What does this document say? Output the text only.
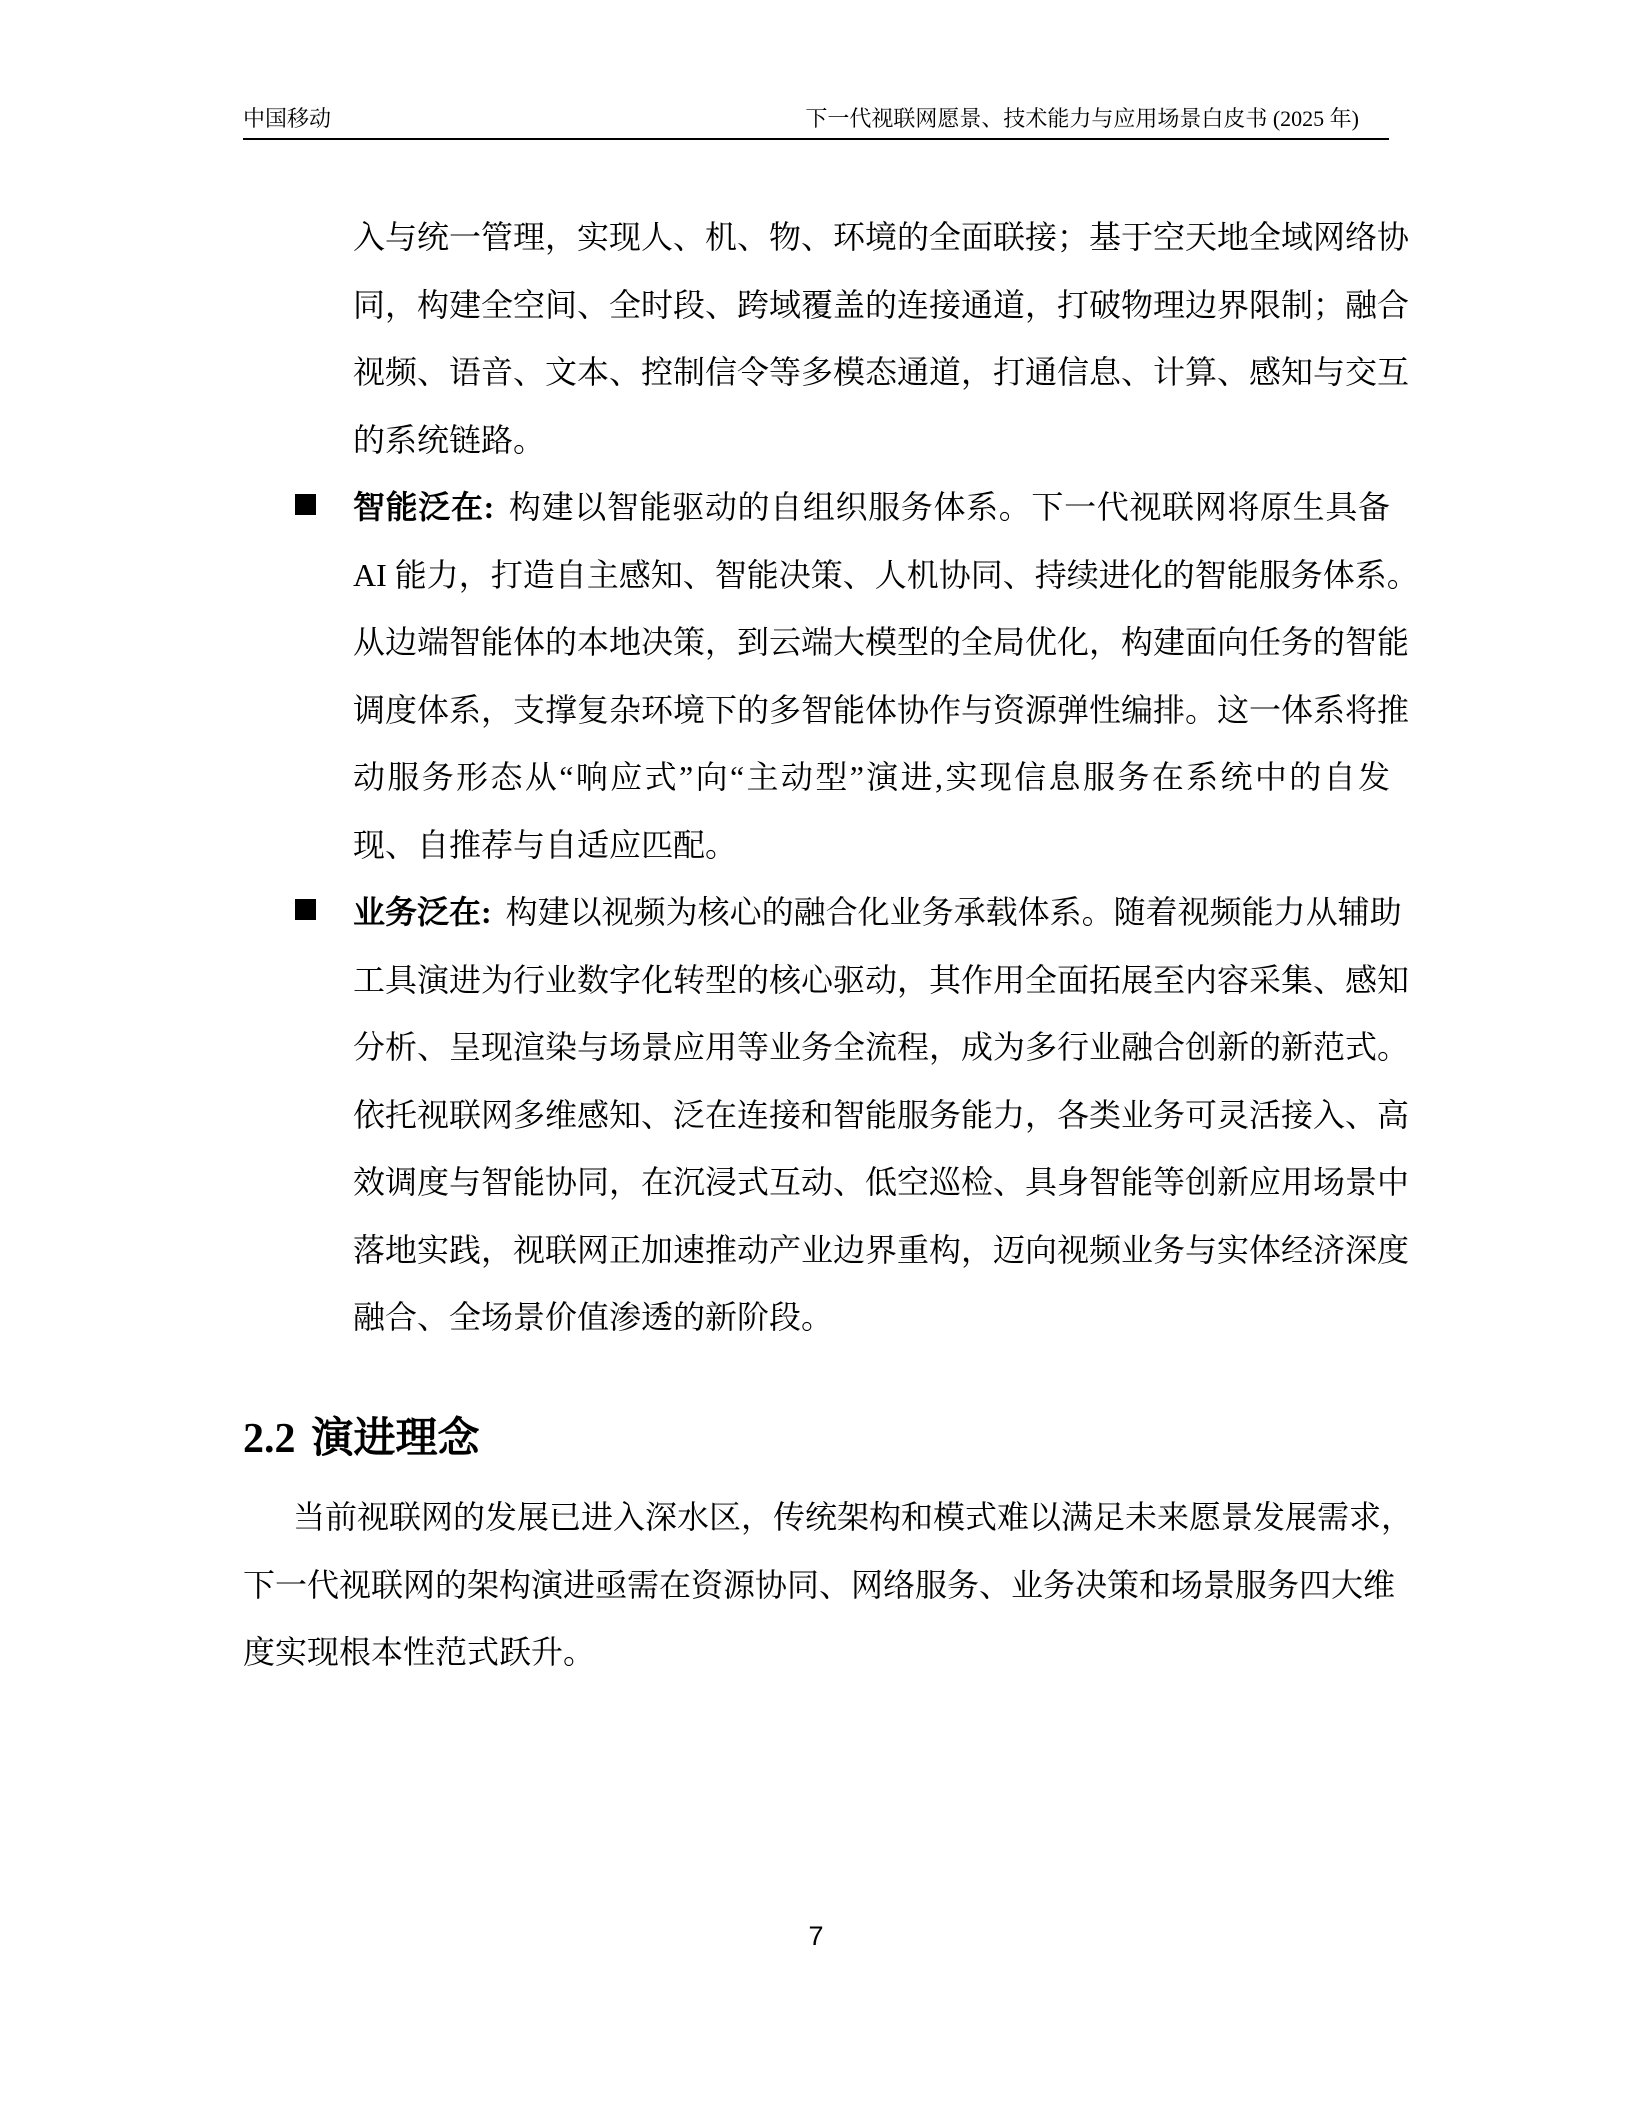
中国移动	下一代视联网愿景、技术能力与应用场景白皮书 (2025 年)
入与统一管理，实现人、机、物、环境的全面联接；基于空天地全域网络协
同，构建全空间、全时段、跨域覆盖的连接通道，打破物理边界限制；融合
视频、语音、文本、控制信令等多模态通道，打通信息、计算、感知与交互
的系统链路。
智能泛在: 构建以智能驱动的自组织服务体系。下一代视联网将原生具备
AI 能力，打造自主感知、智能决策、人机协同、持续进化的智能服务体系。
从边端智能体的本地决策，到云端大模型的全局优化，构建面向任务的智能
调度体系，支撑复杂环境下的多智能体协作与资源弹性编排。这一体系将推
动服务形态从“响应式”向“主动型”演进,实现信息服务在系统中的自发
现、自推荐与自适应匹配。
业务泛在: 构建以视频为核心的融合化业务承载体系。随着视频能力从辅助
工具演进为行业数字化转型的核心驱动，其作用全面拓展至内容采集、感知
分析、呈现渲染与场景应用等业务全流程，成为多行业融合创新的新范式。
依托视联网多维感知、泛在连接和智能服务能力，各类业务可灵活接入、高
效调度与智能协同，在沉浸式互动、低空巡检、具身智能等创新应用场景中
落地实践，视联网正加速推动产业边界重构，迈向视频业务与实体经济深度
融合、全场景价值渗透的新阶段。
2.2 演进理念
当前视联网的发展已进入深水区，传统架构和模式难以满足未来愿景发展需求，
下一代视联网的架构演进亟需在资源协同、网络服务、业务决策和场景服务四大维
度实现根本性范式跃升。
7
